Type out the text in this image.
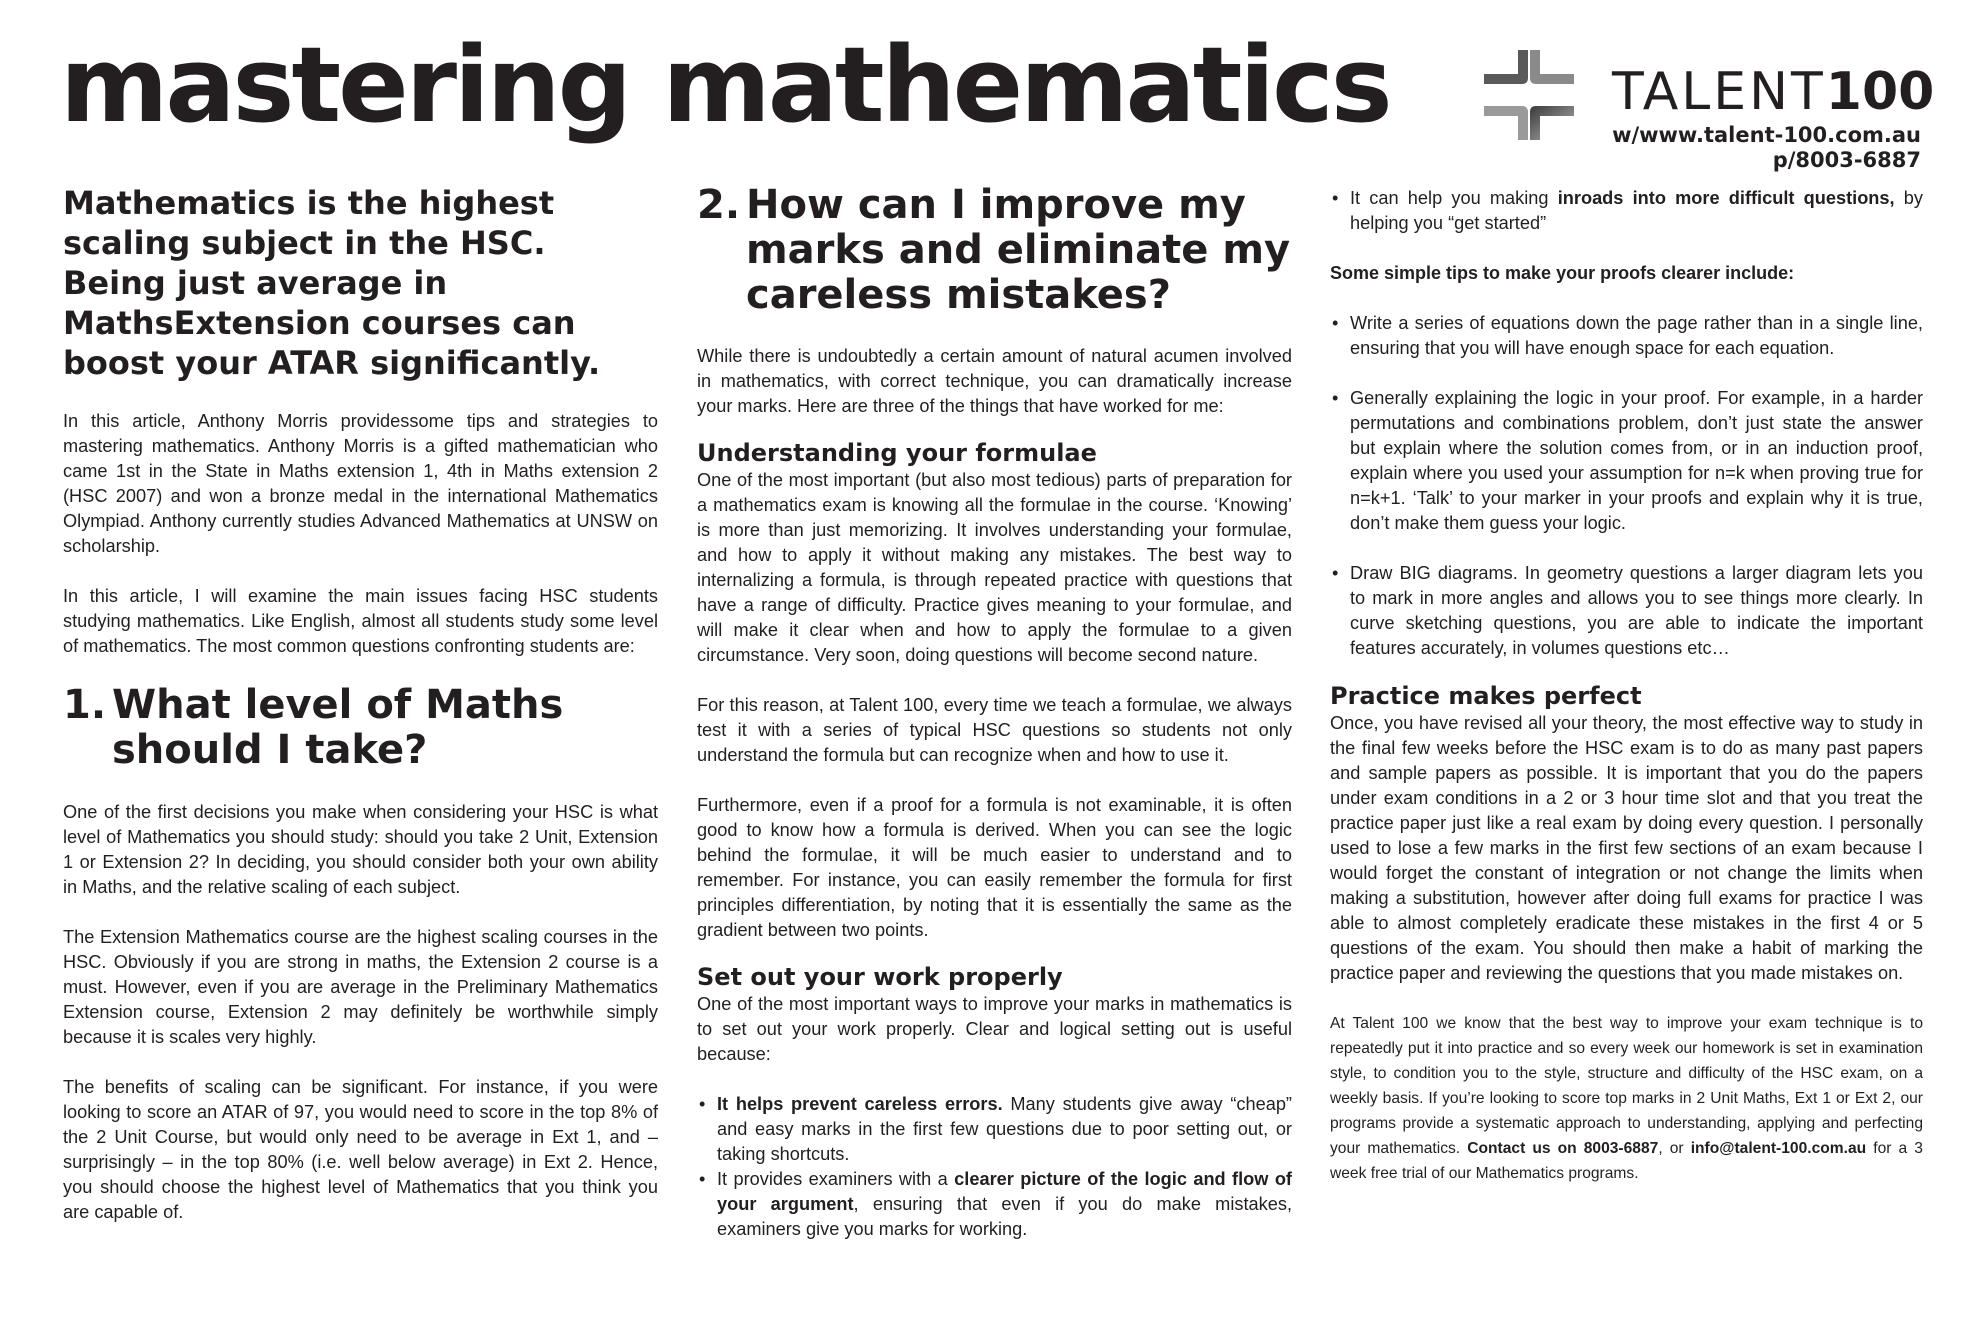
mastering mathematics	TALENT100
w/www.talent-100.com.au
p/8003-6887

Mathematics is the highest scaling subject in the HSC. Being just average in MathsExtension courses can boost your ATAR significantly.

In this article, Anthony Morris providessome tips and strategies to mastering mathematics. Anthony Morris is a gifted mathematician who came 1st in the State in Maths extension 1, 4th in Maths extension 2 (HSC 2007) and won a bronze medal in the international Mathematics Olympiad. Anthony currently studies Advanced Mathematics at UNSW on scholarship.

In this article, I will examine the main issues facing HSC students studying mathematics. Like English, almost all students study some level of mathematics. The most common questions confronting students are:

1. What level of Maths should I take?

One of the first decisions you make when considering your HSC is what level of Mathematics you should study: should you take 2 Unit, Extension 1 or Extension 2? In deciding, you should consider both your own ability in Maths, and the relative scaling of each subject.

The Extension Mathematics course are the highest scaling courses in the HSC. Obviously if you are strong in maths, the Extension 2 course is a must. However, even if you are average in the Preliminary Mathematics Extension course, Extension 2 may definitely be worthwhile simply because it is scales very highly.

The benefits of scaling can be significant. For instance, if you were looking to score an ATAR of 97, you would need to score in the top 8% of the 2 Unit Course, but would only need to be average in Ext 1, and –surprisingly – in the top 80% (i.e. well below average) in Ext 2. Hence, you should choose the highest level of Mathematics that you think you are capable of.

2. How can I improve my marks and eliminate my careless mistakes?

While there is undoubtedly a certain amount of natural acumen involved in mathematics, with correct technique, you can dramatically increase your marks. Here are three of the things that have worked for me:

Understanding your formulae

One of the most important (but also most tedious) parts of preparation for a mathematics exam is knowing all the formulae in the course. ‘Knowing’ is more than just memorizing. It involves understanding your formulae, and how to apply it without making any mistakes. The best way to internalizing a formula, is through repeated practice with questions that have a range of difficulty. Practice gives meaning to your formulae, and will make it clear when and how to apply the formulae to a given circumstance. Very soon, doing questions will become second nature.

For this reason, at Talent 100, every time we teach a formulae, we always test it with a series of typical HSC questions so students not only understand the formula but can recognize when and how to use it.

Furthermore, even if a proof for a formula is not examinable, it is often good to know how a formula is derived. When you can see the logic behind the formulae, it will be much easier to understand and to remember. For instance, you can easily remember the formula for first principles differentiation, by noting that it is essentially the same as the gradient between two points.

Set out your work properly

One of the most important ways to improve your marks in mathematics is to set out your work properly. Clear and logical setting out is useful because:

• It helps prevent careless errors. Many students give away “cheap” and easy marks in the first few questions due to poor setting out, or taking shortcuts.
• It provides examiners with a clearer picture of the logic and flow of your argument, ensuring that even if you do make mistakes, examiners give you marks for working.
• It can help you making inroads into more difficult questions, by helping you “get started”

Some simple tips to make your proofs clearer include:

• Write a series of equations down the page rather than in a single line, ensuring that you will have enough space for each equation.
• Generally explaining the logic in your proof. For example, in a harder permutations and combinations problem, don’t just state the answer but explain where the solution comes from, or in an induction proof, explain where you used your assumption for n=k when proving true for n=k+1. ‘Talk’ to your marker in your proofs and explain why it is true, don’t make them guess your logic.
• Draw BIG diagrams. In geometry questions a larger diagram lets you to mark in more angles and allows you to see things more clearly. In curve sketching questions, you are able to indicate the important features accurately, in volumes questions etc…
Practice makes perfect

Once, you have revised all your theory, the most effective way to study in the final few weeks before the HSC exam is to do as many past papers and sample papers as possible. It is important that you do the papers under exam conditions in a 2 or 3 hour time slot and that you treat the practice paper just like a real exam by doing every question. I personally used to lose a few marks in the first few sections of an exam because I would forget the constant of integration or not change the limits when making a substitution, however after doing full exams for practice I was able to almost completely eradicate these mistakes in the first 4 or 5 questions of the exam. You should then make a habit of marking the practice paper and reviewing the questions that you made mistakes on.

At Talent 100 we know that the best way to improve your exam technique is to repeatedly put it into practice and so every week our homework is set in examination style, to condition you to the style, structure and difficulty of the HSC exam, on a weekly basis. If you’re looking to score top marks in 2 Unit Maths, Ext 1 or Ext 2, our programs provide a systematic approach to understanding, applying and perfecting your mathematics. Contact us on 8003-6887, or info@talent-100.com.au for a 3 week free trial of our Mathematics programs.
